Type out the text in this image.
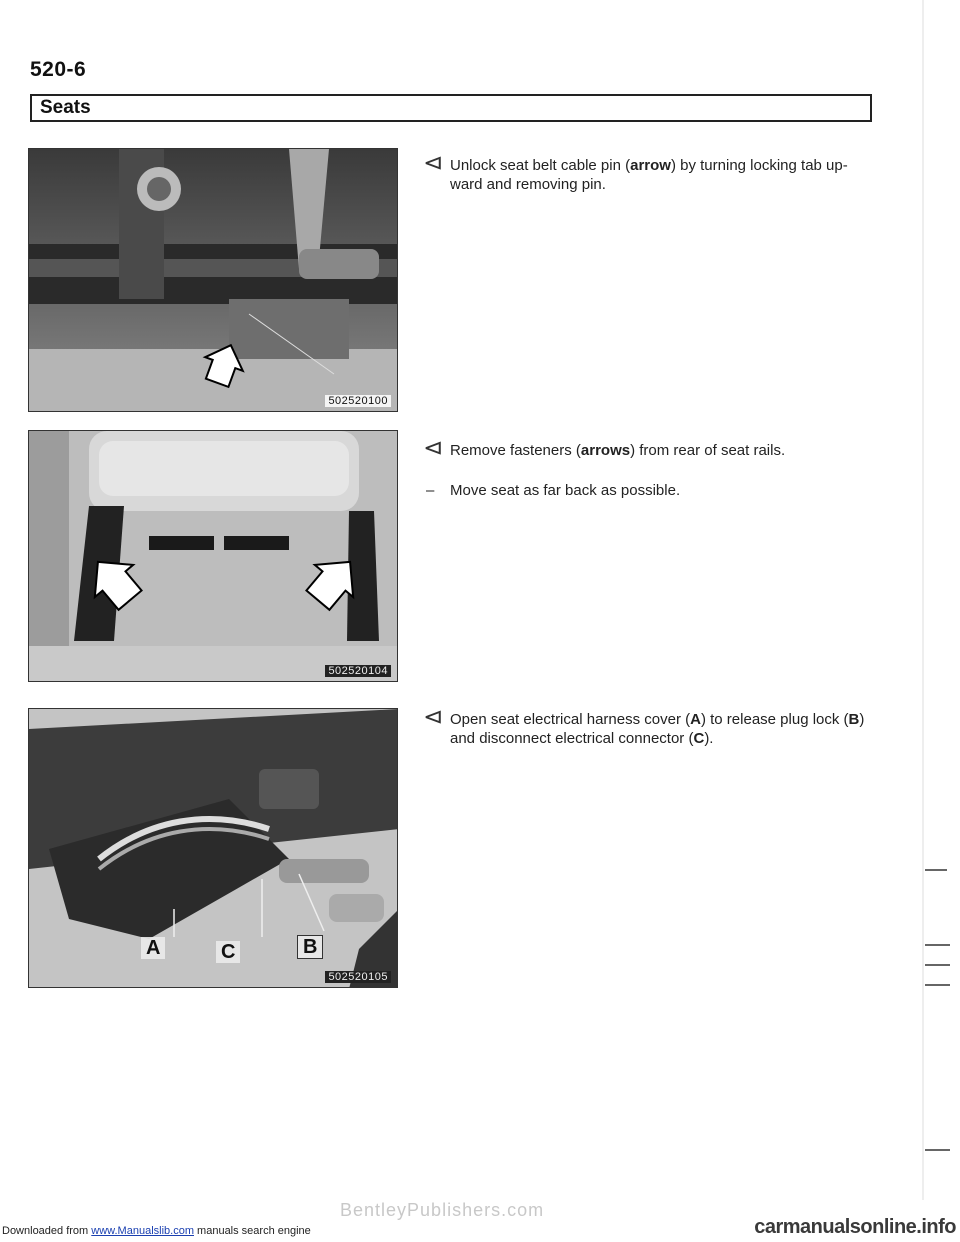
520-6
Seats
502520100
502520104
A	C	B
502520105
⊲ Unlock seat belt cable pin (arrow) by turning locking tab up- ward and removing pin.
⊲ Remove fasteners (arrows) from rear of seat rails.
– Move seat as far back as possible.
⊲ Open seat electrical harness cover (A) to release plug lock (B) and disconnect electrical connector (C).
BentleyPublishers.com
Downloaded from www.Manualslib.com manuals search engine	carmanualsonline.info
